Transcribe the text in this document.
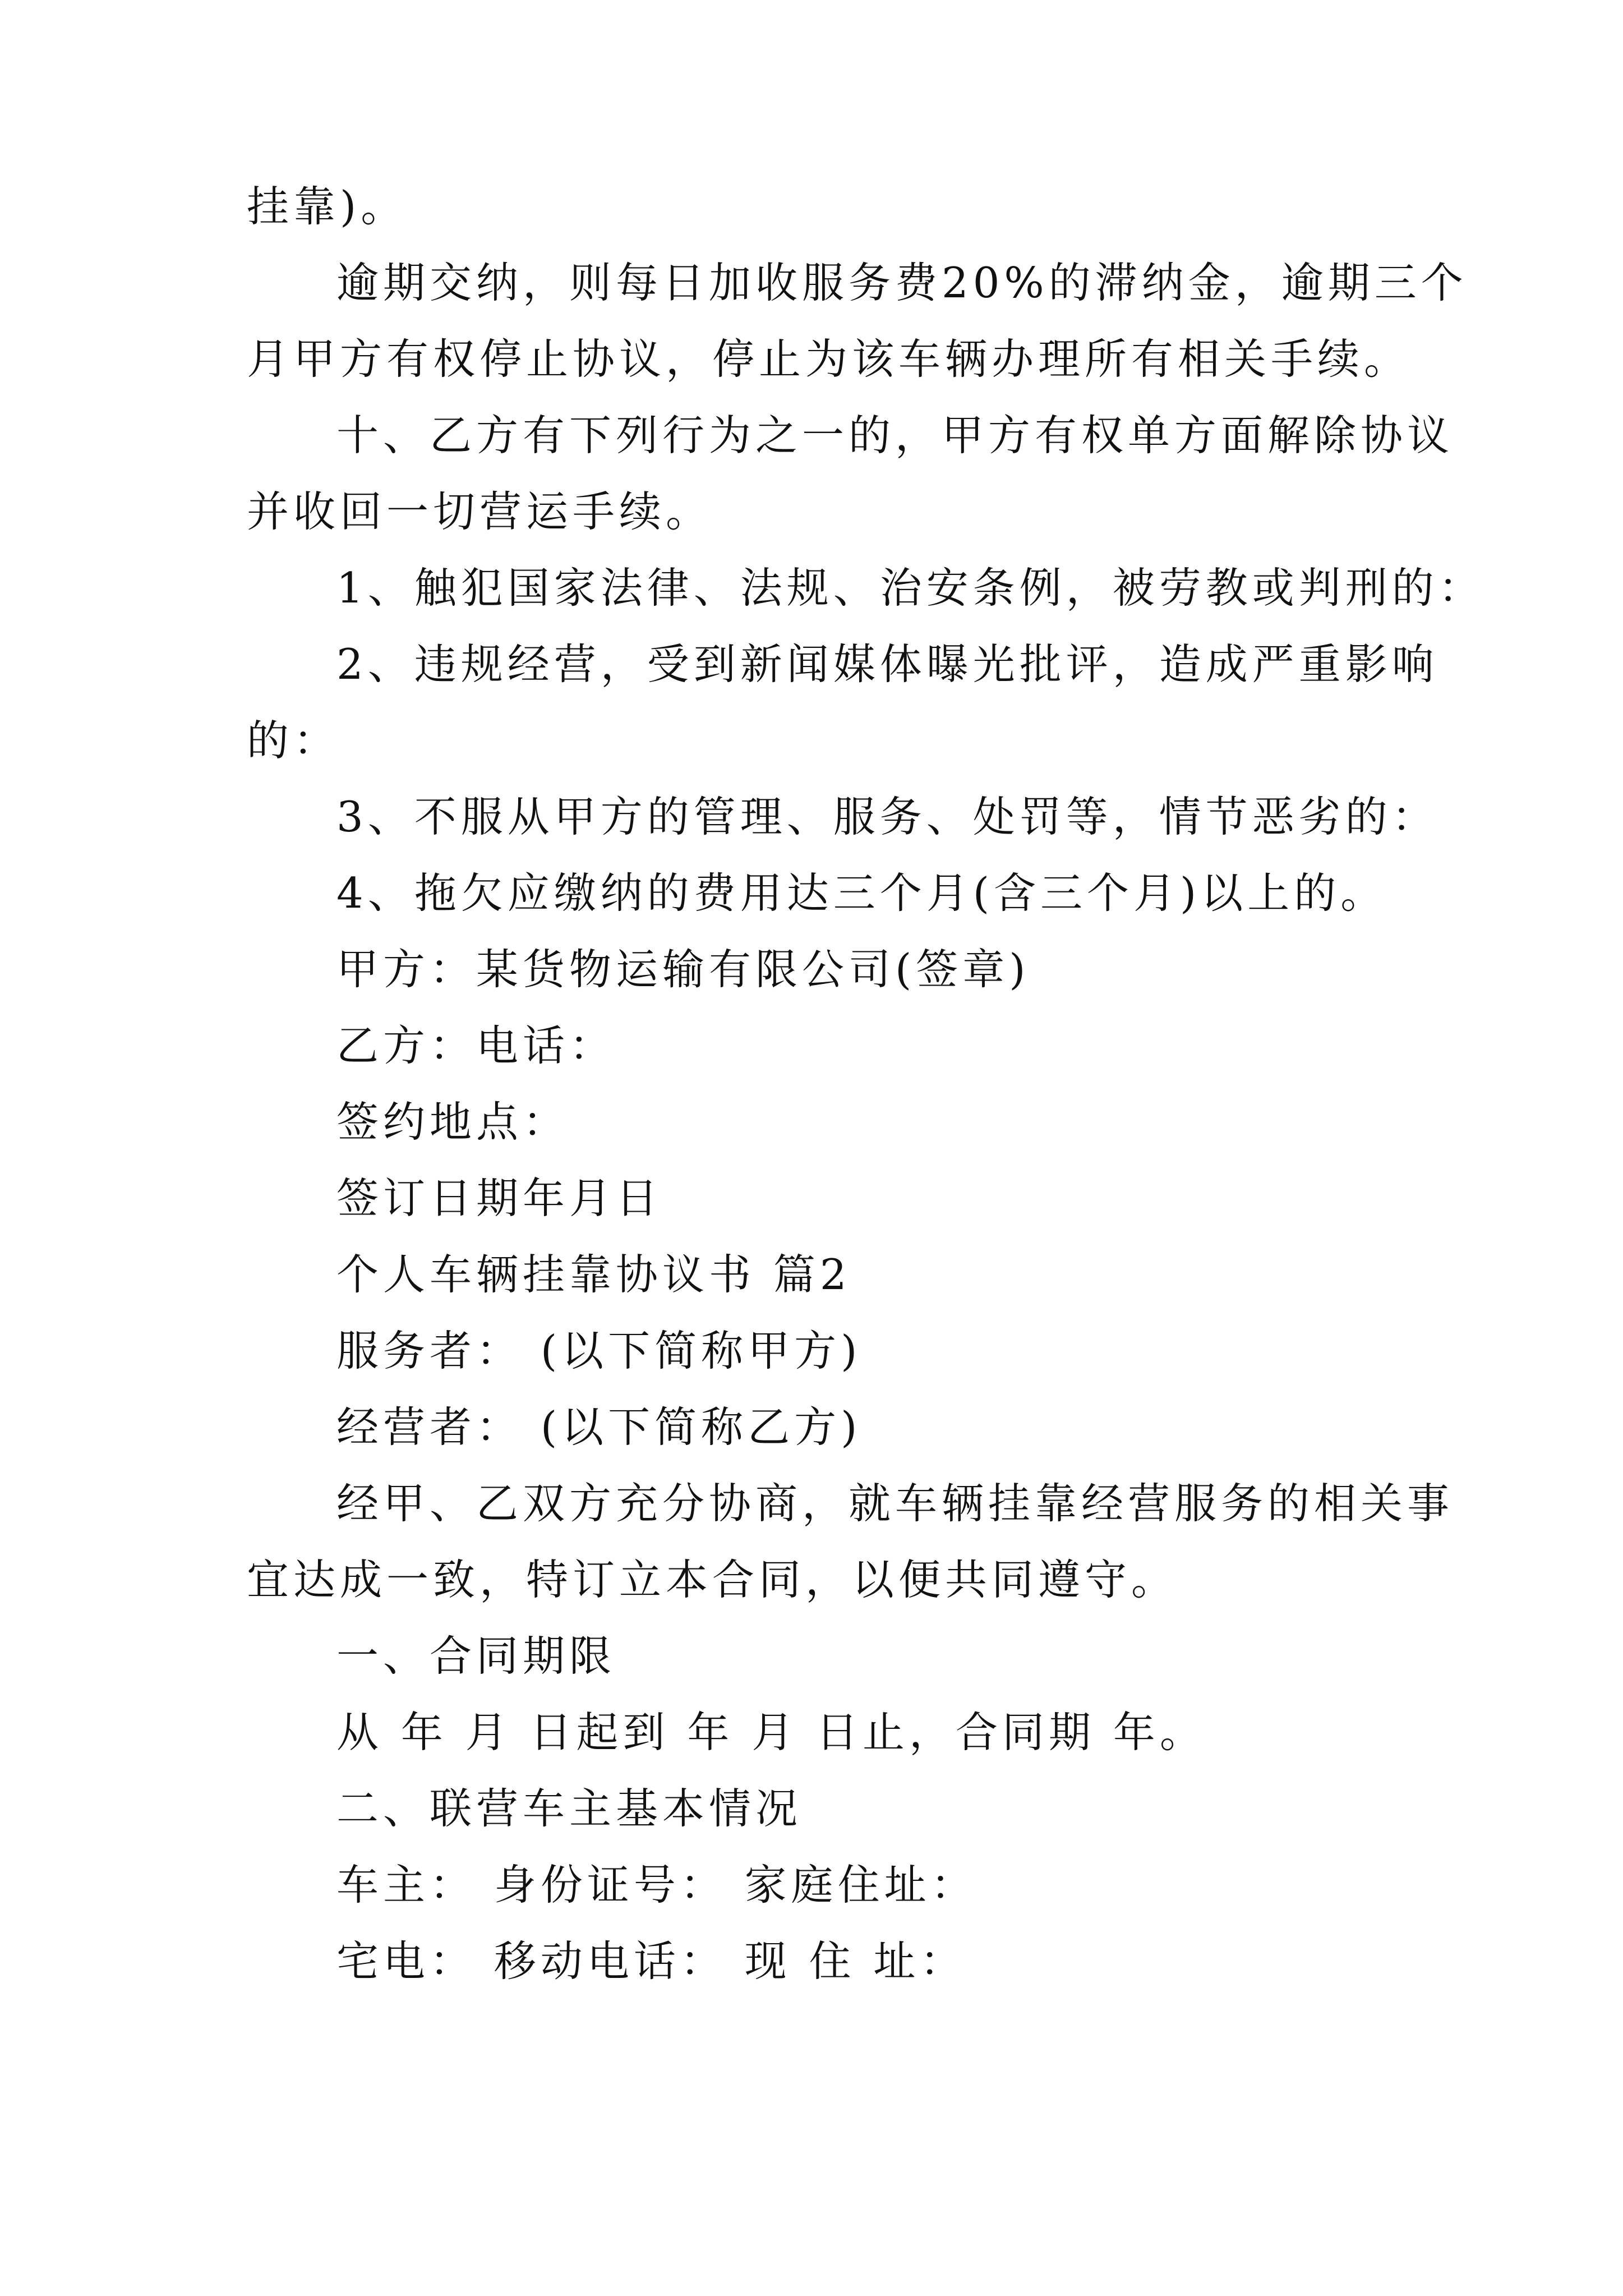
挂靠)。
逾期交纳，则每日加收服务费20%的滞纳金，逾期三个
月甲方有权停止协议，停止为该车辆办理所有相关手续。
十、乙方有下列行为之一的，甲方有权单方面解除协议
并收回一切营运手续。
1、触犯国家法律、法规、治安条例，被劳教或判刑的：
2、违规经营，受到新闻媒体曝光批评，造成严重影响
的：
3、不服从甲方的管理、服务、处罚等，情节恶劣的：
4、拖欠应缴纳的费用达三个月(含三个月)以上的。
甲方：某货物运输有限公司(签章)
乙方：电话：
签约地点：
签订日期年月日
个人车辆挂靠协议书 篇2
服务者： (以下简称甲方)
经营者： (以下简称乙方)
经甲、乙双方充分协商，就车辆挂靠经营服务的相关事
宜达成一致，特订立本合同，以便共同遵守。
一、合同期限
从 年 月 日起到 年 月 日止，合同期 年。
二、联营车主基本情况
车主： 身份证号： 家庭住址：
宅电： 移动电话： 现 住 址：
